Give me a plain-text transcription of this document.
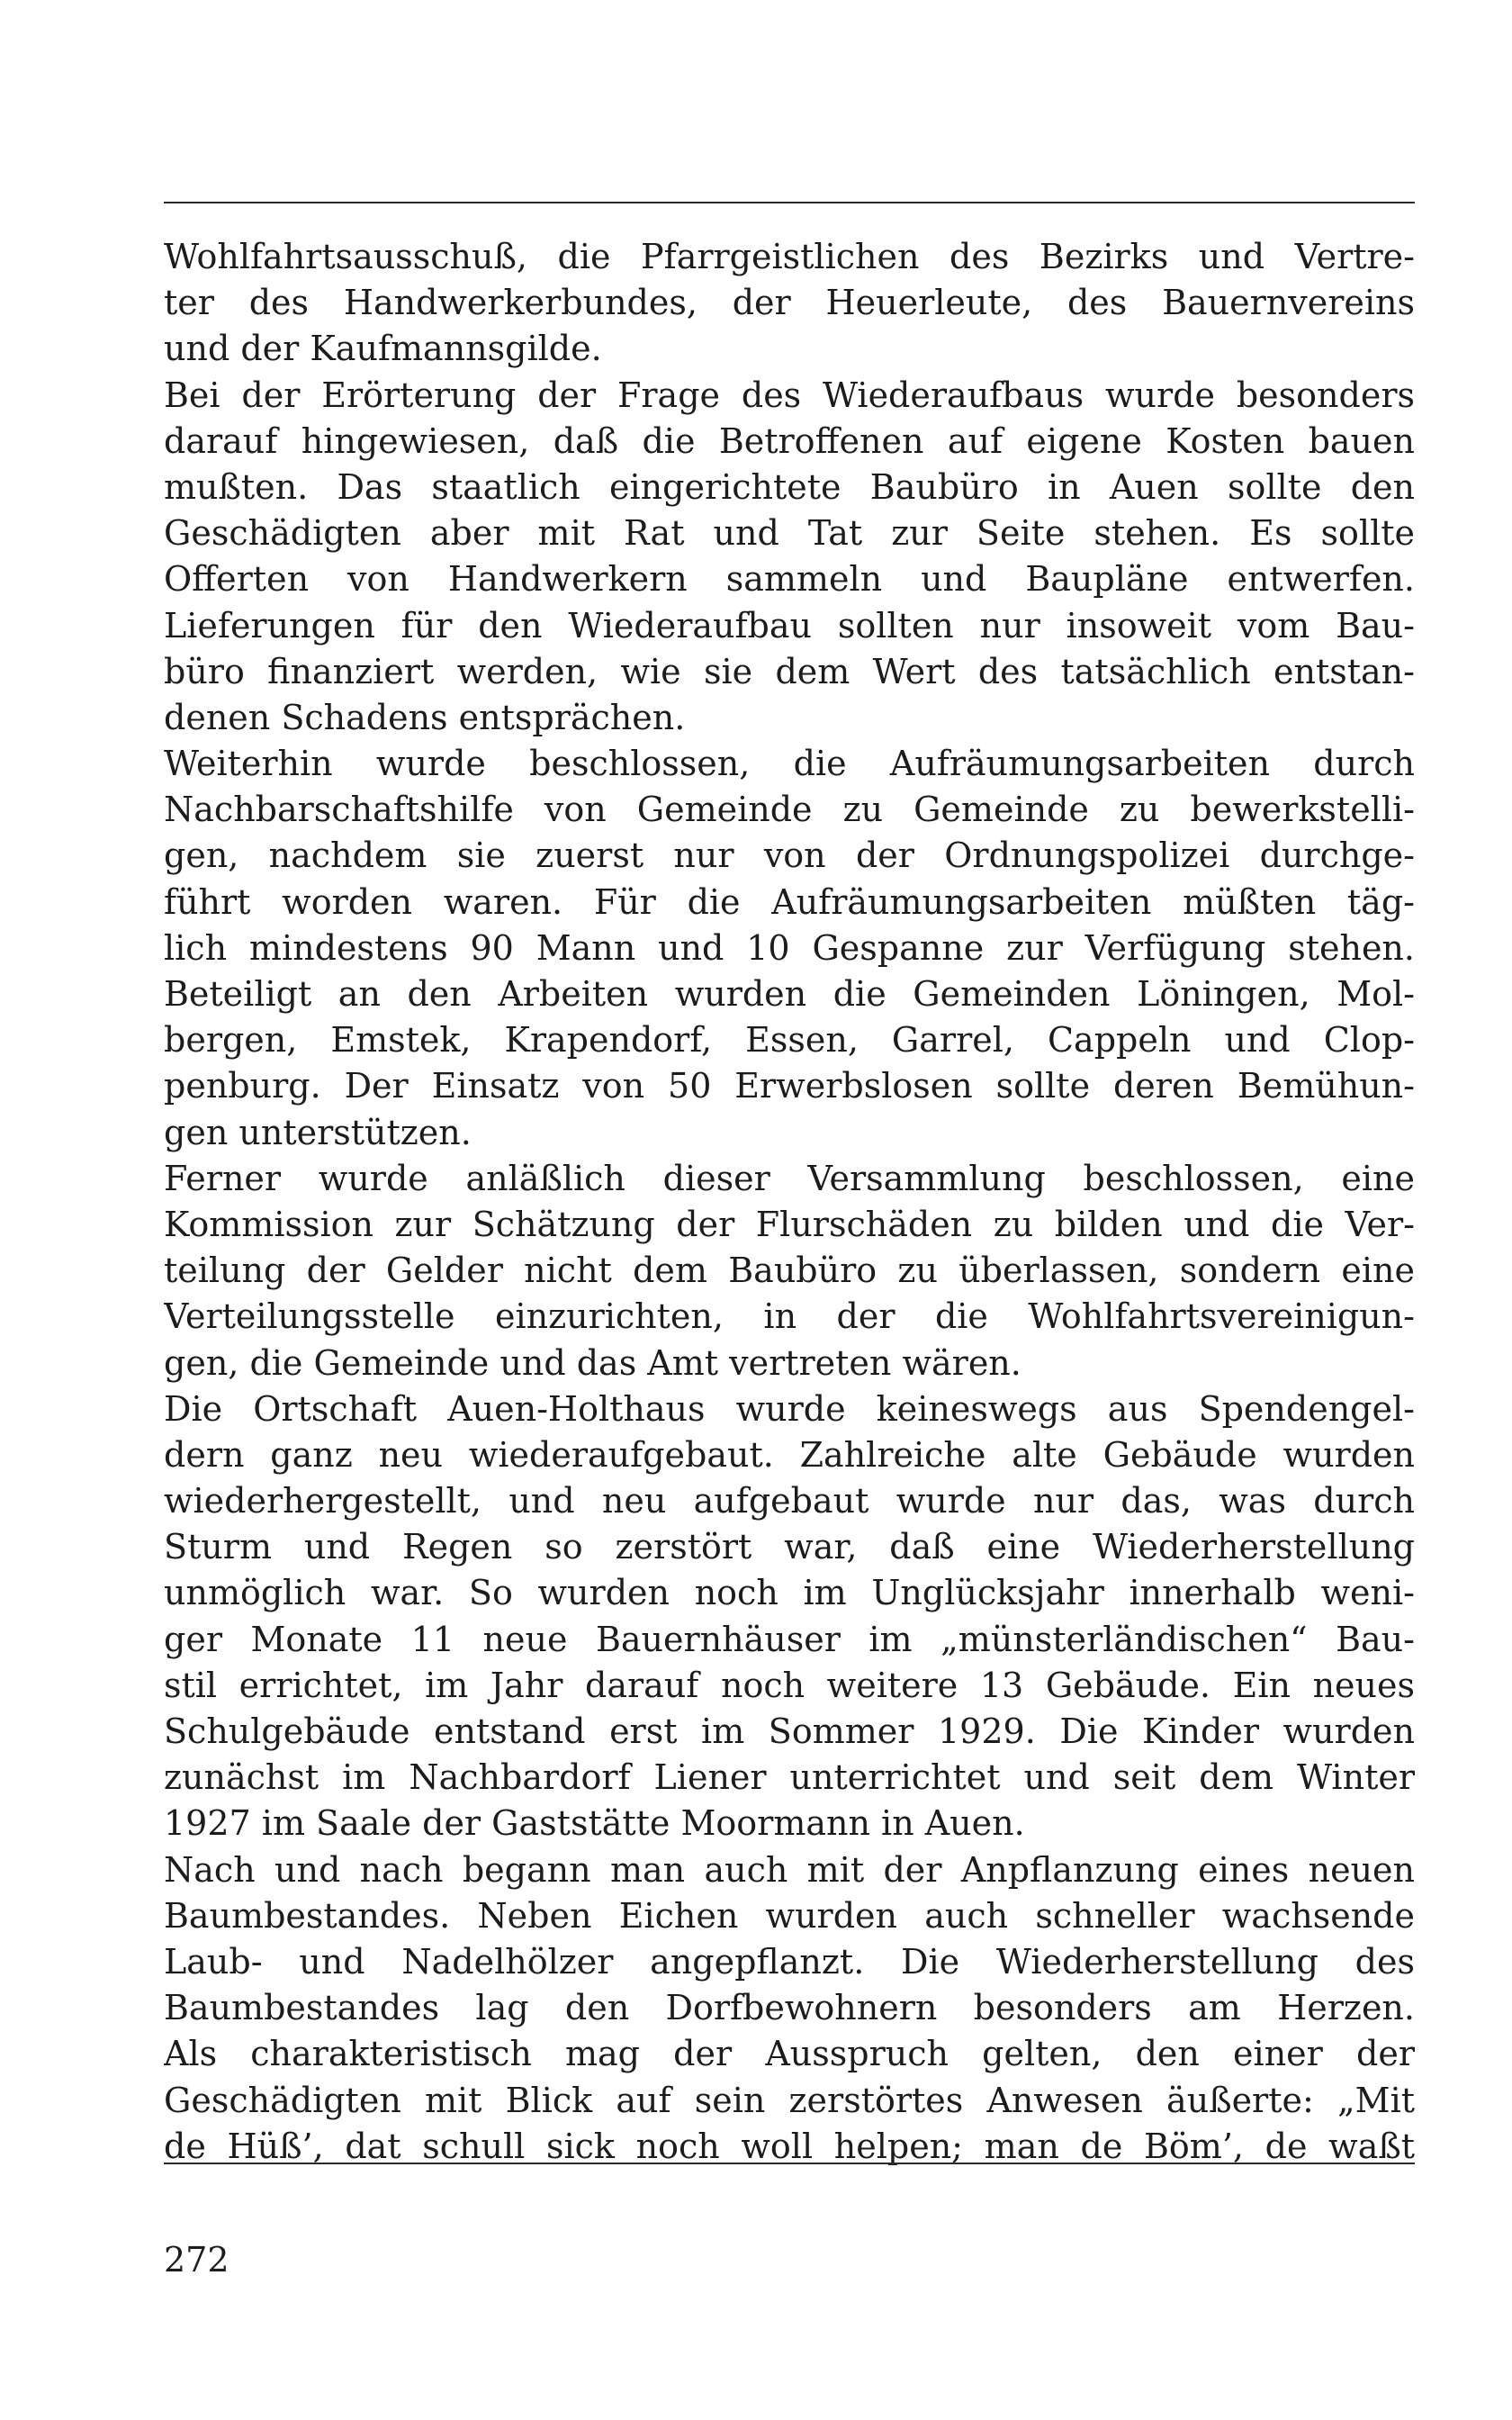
Wohlfahrtsausschuß, die Pfarrgeistlichen des Bezirks und Vertre-
ter des Handwerkerbundes, der Heuerleute, des Bauernvereins
und der Kaufmannsgilde.
Bei der Erörterung der Frage des Wiederaufbaus wurde besonders
darauf hingewiesen, daß die Betroffenen auf eigene Kosten bauen
mußten. Das staatlich eingerichtete Baubüro in Auen sollte den
Geschädigten aber mit Rat und Tat zur Seite stehen. Es sollte
Offerten von Handwerkern sammeln und Baupläne entwerfen.
Lieferungen für den Wiederaufbau sollten nur insoweit vom Bau-
büro finanziert werden, wie sie dem Wert des tatsächlich entstan-
denen Schadens entsprächen.
Weiterhin wurde beschlossen, die Aufräumungsarbeiten durch
Nachbarschaftshilfe von Gemeinde zu Gemeinde zu bewerkstelli-
gen, nachdem sie zuerst nur von der Ordnungspolizei durchge-
führt worden waren. Für die Aufräumungsarbeiten müßten täg-
lich mindestens 90 Mann und 10 Gespanne zur Verfügung stehen.
Beteiligt an den Arbeiten wurden die Gemeinden Löningen, Mol-
bergen, Emstek, Krapendorf, Essen, Garrel, Cappeln und Clop-
penburg. Der Einsatz von 50 Erwerbslosen sollte deren Bemühun-
gen unterstützen.
Ferner wurde anläßlich dieser Versammlung beschlossen, eine
Kommission zur Schätzung der Flurschäden zu bilden und die Ver-
teilung der Gelder nicht dem Baubüro zu überlassen, sondern eine
Verteilungsstelle einzurichten, in der die Wohlfahrtsvereinigun-
gen, die Gemeinde und das Amt vertreten wären.
Die Ortschaft Auen-Holthaus wurde keineswegs aus Spendengel-
dern ganz neu wiederaufgebaut. Zahlreiche alte Gebäude wurden
wiederhergestellt, und neu aufgebaut wurde nur das, was durch
Sturm und Regen so zerstört war, daß eine Wiederherstellung
unmöglich war. So wurden noch im Unglücksjahr innerhalb weni-
ger Monate 11 neue Bauernhäuser im „münsterländischen“ Bau-
stil errichtet, im Jahr darauf noch weitere 13 Gebäude. Ein neues
Schulgebäude entstand erst im Sommer 1929. Die Kinder wurden
zunächst im Nachbardorf Liener unterrichtet und seit dem Winter
1927 im Saale der Gaststätte Moormann in Auen.
Nach und nach begann man auch mit der Anpflanzung eines neuen
Baumbestandes. Neben Eichen wurden auch schneller wachsende
Laub- und Nadelhölzer angepflanzt. Die Wiederherstellung des
Baumbestandes lag den Dorfbewohnern besonders am Herzen.
Als charakteristisch mag der Ausspruch gelten, den einer der
Geschädigten mit Blick auf sein zerstörtes Anwesen äußerte: „Mit
de Hüß’, dat schull sick noch woll helpen; man de Böm’, de waßt
272
